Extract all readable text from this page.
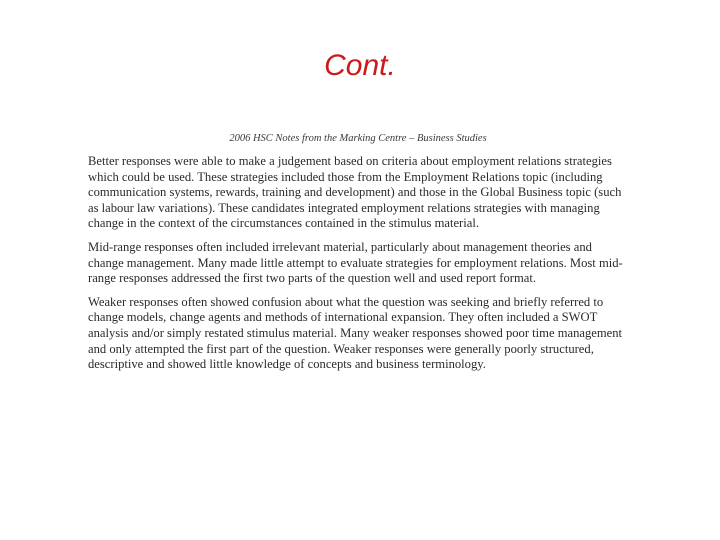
Cont.
2006 HSC Notes from the Marking Centre – Business Studies

Better responses were able to make a judgement based on criteria about employment relations strategies which could be used. These strategies included those from the Employment Relations topic (including communication systems, rewards, training and development) and those in the Global Business topic (such as labour law variations). These candidates integrated employment relations strategies with managing change in the context of the circumstances contained in the stimulus material.

Mid-range responses often included irrelevant material, particularly about management theories and change management. Many made little attempt to evaluate strategies for employment relations. Most mid-range responses addressed the first two parts of the question well and used report format.

Weaker responses often showed confusion about what the question was seeking and briefly referred to change models, change agents and methods of international expansion. They often included a SWOT analysis and/or simply restated stimulus material. Many weaker responses showed poor time management and only attempted the first part of the question. Weaker responses were generally poorly structured, descriptive and showed little knowledge of concepts and business terminology.
